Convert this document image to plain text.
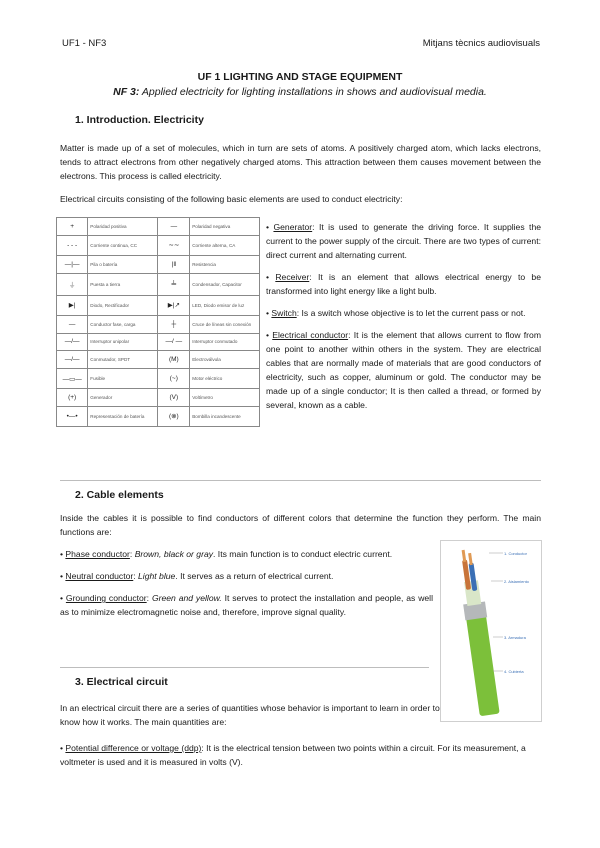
UF1 - NF3	Mitjans tècnics audiovisuals
UF 1 LIGHTING AND STAGE EQUIPMENT
NF 3: Applied electricity for lighting installations in shows and audiovisual media.
1. Introduction. Electricity
Matter is made up of a set of molecules, which in turn are sets of atoms. A positively charged atom, which lacks electrons, tends to attract electrons from other negatively charged atoms. This attraction between them causes movement between the electrons. This process is called electricity.
Electrical circuits consisting of the following basic elements are used to conduct electricity:
+	Polaridad positiva	—	Polaridad negativa
- - -	Corriente continua, CC	∼∼	Corriente alterna, CA
—|—	Pila o batería	|‖	Resistencia
⏚	Puesta a tierra	╧	Condensador, Capacitor
▶|	Diodo, Rectificador	▶|↗	LED, Diodo emisor de luz
—	Conductor fase, carga	┼	Cruce de líneas sin conexión
—/—	Interruptor unipolar	—/ —	Interruptor conmutado
—/—	Conmutador, SPDT	(M)	Electroválvula
—▭—	Fusible	(~)	Motor eléctrico
(+)	Generador	(V)	Voltímetro
•—•	Representación de batería	(⊗)	Bombilla incandescente
• Generator: It is used to generate the driving force. It supplies the current to the power supply of the circuit. There are two types of current: direct current and alternating current.
• Receiver: It is an element that allows electrical energy to be transformed into light energy like a light bulb.
• Switch: Is a switch whose objective is to let the current pass or not.
• Electrical conductor: It is the element that allows current to flow from one point to another within others in the system. They are electrical cables that are normally made of materials that are good conductors of electricity, such as copper, aluminum or gold. The conductor may be made up of a single conductor; It is then called a thread, or formed by several, known as a cable.
2. Cable elements
Inside the cables it is possible to find conductors of different colors that determine the function they perform. The main functions are:
• Phase conductor: Brown, black or gray. Its main function is to conduct electric current.
• Neutral conductor: Light blue. It serves as a return of electrical current.
• Grounding conductor: Green and yellow. It serves to protect the installation and people, as well as to minimize electromagnetic noise and, therefore, improve signal quality.
1. Conductor
2. Aislamiento
3. Armadura
4. Cubierta
3. Electrical circuit
In an electrical circuit there are a series of quantities whose behavior is important to learn in order to know how it works. The main quantities are:
• Potential difference or voltage (ddp): It is the electrical tension between two points within a circuit. For its measurement, a voltmeter is used and it is measured in volts (V).
